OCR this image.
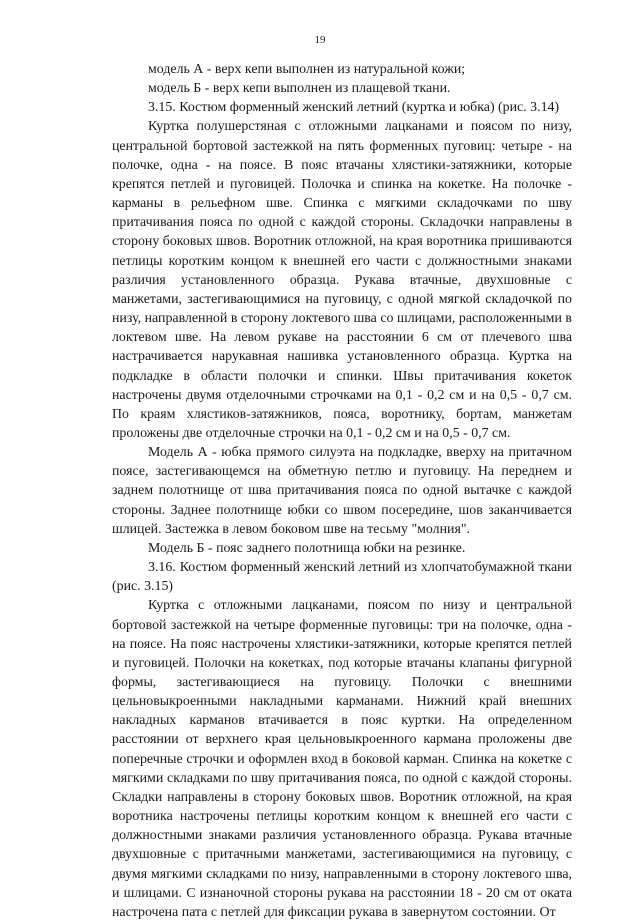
19

модель А - верх кепи выполнен из натуральной кожи;

модель Б - верх кепи выполнен из плащевой ткани.

3.15. Костюм форменный женский летний (куртка и юбка) (рис. 3.14)

Куртка полушерстяная с отложными лацканами и поясом по низу, центральной бортовой застежкой на пять форменных пуговиц: четыре - на полочке, одна - на поясе. В пояс втачаны хлястики-затяжники, которые крепятся петлей и пуговицей. Полочка и спинка на кокетке. На полочке - карманы в рельефном шве. Спинка с мягкими складочками по шву притачивания пояса по одной с каждой стороны. Складочки направлены в сторону боковых швов. Воротник отложной, на края воротника пришиваются петлицы коротким концом к внешней его части с должностными знаками различия установленного образца. Рукава втачные, двухшовные с манжетами, застегивающимися на пуговицу, с одной мягкой складочкой по низу, направленной в сторону локтевого шва со шлицами, расположенными в локтевом шве. На левом рукаве на расстоянии 6 см от плечевого шва настрачивается нарукавная нашивка установленного образца. Куртка на подкладке в области полочки и спинки. Швы притачивания кокеток настрочены двумя отделочными строчками на 0,1 - 0,2 см и на 0,5 - 0,7 см. По краям хлястиков-затяжников, пояса, воротнику, бортам, манжетам проложены две отделочные строчки на 0,1 - 0,2 см и на 0,5 - 0,7 см.

Модель А - юбка прямого силуэта на подкладке, вверху на притачном поясе, застегивающемся на обметную петлю и пуговицу. На переднем и заднем полотнище от шва притачивания пояса по одной вытачке с каждой стороны. Заднее полотнище юбки со швом посередине, шов заканчивается шлицей. Застежка в левом боковом шве на тесьму "молния".

Модель Б - пояс заднего полотнища юбки на резинке.

3.16. Костюм форменный женский летний из хлопчатобумажной ткани (рис. 3.15)

Куртка с отложными лацканами, поясом по низу и центральной бортовой застежкой на четыре форменные пуговицы: три на полочке, одна - на поясе. На пояс настрочены хлястики-затяжники, которые крепятся петлей и пуговицей. Полочки на кокетках, под которые втачаны клапаны фигурной формы, застегивающиеся на пуговицу. Полочки с внешними цельновыкроенными накладными карманами. Нижний край внешних накладных карманов втачивается в пояс куртки. На определенном расстоянии от верхнего края цельновыкроенного кармана проложены две поперечные строчки и оформлен вход в боковой карман. Спинка на кокетке с мягкими складками по шву притачивания пояса, по одной с каждой стороны. Складки направлены в сторону боковых швов. Воротник отложной, на края воротника настрочены петлицы коротким концом к внешней его части с должностными знаками различия установленного образца. Рукава втачные двухшовные с притачными манжетами, застегивающимися на пуговицу, с двумя мягкими складками по низу, направленными в сторону локтевого шва, и шлицами. С изнаночной стороны рукава на расстоянии 18 - 20 см от оката настрочена пата с петлей для фиксации рукава в завернутом состоянии. От
